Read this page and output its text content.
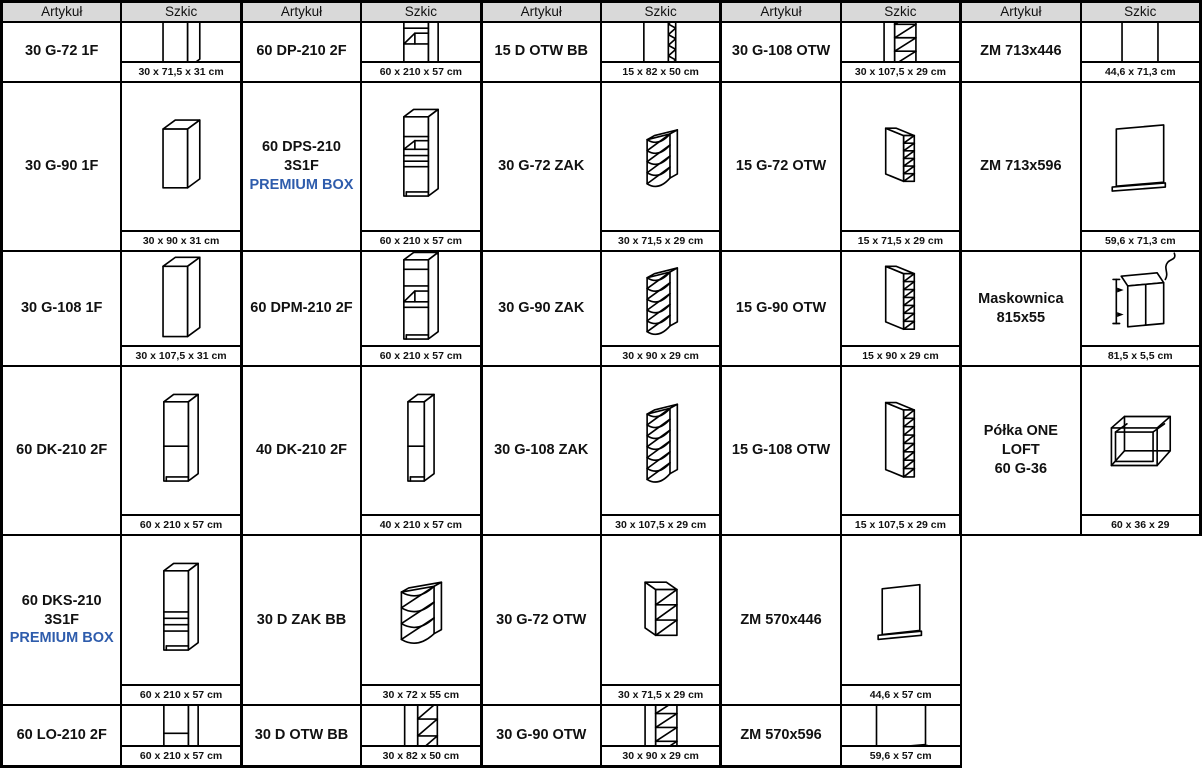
Artykuł	Szkic	Artykuł	Szkic	Artykuł	Szkic	Artykuł	Szkic	Artykuł	Szkic

30 G-72 1F	30 x 71,5 x 31 cm	60 DP-210 2F	60 x 210 x 57 cm	15 D OTW BB	15 x 82 x 50 cm	30 G-108 OTW	30 x 107,5 x 29 cm	ZM 713x446	44,6 x 71,3 cm

30 G-90 1F	30 x 90 x 31 cm	60 DPS-210 3S1F
PREMIUM BOX	60 x 210 x 57 cm	30 G-72 ZAK	30 x 71,5 x 29 cm	15 G-72 OTW	15 x 71,5 x 29 cm	ZM 713x596	59,6 x 71,3 cm

30 G-108 1F	30 x 107,5 x 31 cm	60 DPM-210 2F	60 x 210 x 57 cm	30 G-90 ZAK	30 x 90 x 29 cm	15 G-90 OTW	15 x 90 x 29 cm	Maskownica
815x55	81,5 x 5,5 cm

60 DK-210 2F	60 x 210 x 57 cm	40 DK-210 2F	40 x 210 x 57 cm	30 G-108 ZAK	30 x 107,5 x 29 cm	15 G-108 OTW	15 x 107,5 x 29 cm	Półka ONE LOFT
60 G-36	60 x 36 x 29

60 DKS-210 3S1F
PREMIUM BOX	60 x 210 x 57 cm	30 D ZAK BB	30 x 72 x 55 cm	30 G-72 OTW	30 x 71,5 x 29 cm	ZM 570x446	44,6 x 57 cm		

60 LO-210 2F	60 x 210 x 57 cm	30 D OTW BB	30 x 82 x 50 cm	30 G-90 OTW	30 x 90 x 29 cm	ZM 570x596	59,6 x 57 cm		
